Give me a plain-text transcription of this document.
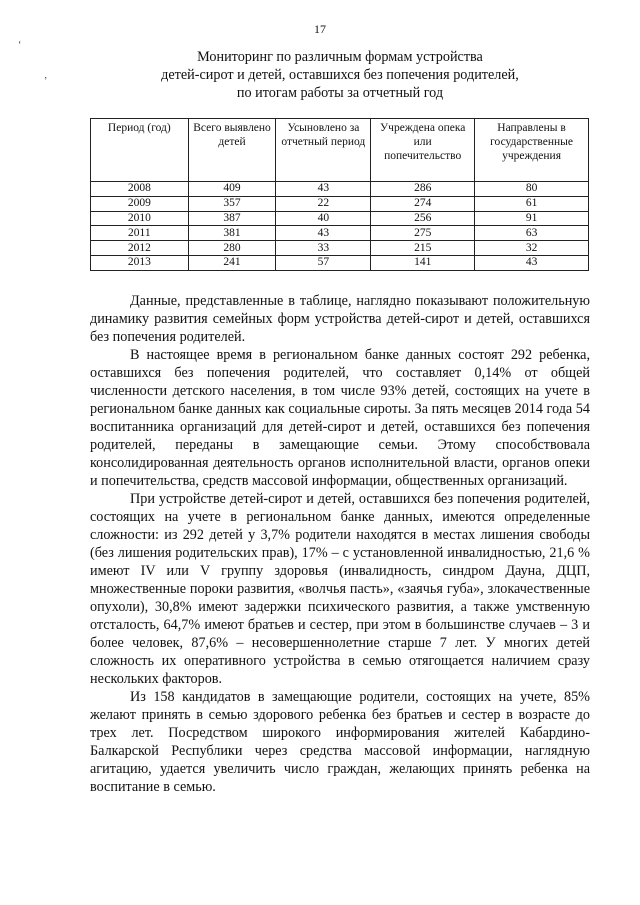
17
‘
’
Мониторинг по различным формам устройства
детей-сирот и детей, оставшихся без попечения родителей,
по итогам работы за отчетный год
Период (год)	Всего выявлено детей	Усыновлено за отчетный период	Учреждена опека или попечительство	Направлены в государственные учреждения
2008	409	43	286	80
2009	357	22	274	61
2010	387	40	256	91
2011	381	43	275	63
2012	280	33	215	32
2013	241	57	141	43

Данные, представленные в таблице, наглядно показывают положительную динамику развития семейных форм устройства детей-сирот и детей, оставшихся без попечения родителей.

В настоящее время в региональном банке данных состоят 292 ребенка, оставшихся без попечения родителей, что составляет 0,14% от общей численности детского населения, в том числе 93% детей, состоящих на учете в региональном банке данных как социальные сироты. За пять месяцев 2014 года 54 воспитанника организаций для детей-сирот и детей, оставшихся без попечения родителей, переданы в замещающие семьи. Этому способствовала консолидированная деятельность органов исполнительной власти, органов опеки и попечительства, средств массовой информации, общественных организаций.

При устройстве детей-сирот и детей, оставшихся без попечения родителей, состоящих на учете в региональном банке данных, имеются определенные сложности: из 292 детей у 3,7% родители находятся в местах лишения свободы (без лишения родительских прав), 17% – с установленной инвалидностью, 21,6 % имеют IV или V группу здоровья (инвалидность, синдром Дауна, ДЦП, множественные пороки развития, «волчья пасть», «заячья губа», злокачественные опухоли), 30,8% имеют задержки психического развития, а также умственную отсталость, 64,7% имеют братьев и сестер, при этом в большинстве случаев – 3 и более человек, 87,6% – несовершеннолетние старше 7 лет. У многих детей сложность их оперативного устройства в семью отягощается наличием сразу нескольких факторов.

Из 158 кандидатов в замещающие родители, состоящих на учете, 85% желают принять в семью здорового ребенка без братьев и сестер в возрасте до трех лет. Посредством широкого информирования жителей Кабардино-Балкарской Республики через средства массовой информации, наглядную агитацию, удается увеличить число граждан, желающих принять ребенка на воспитание в семью.
